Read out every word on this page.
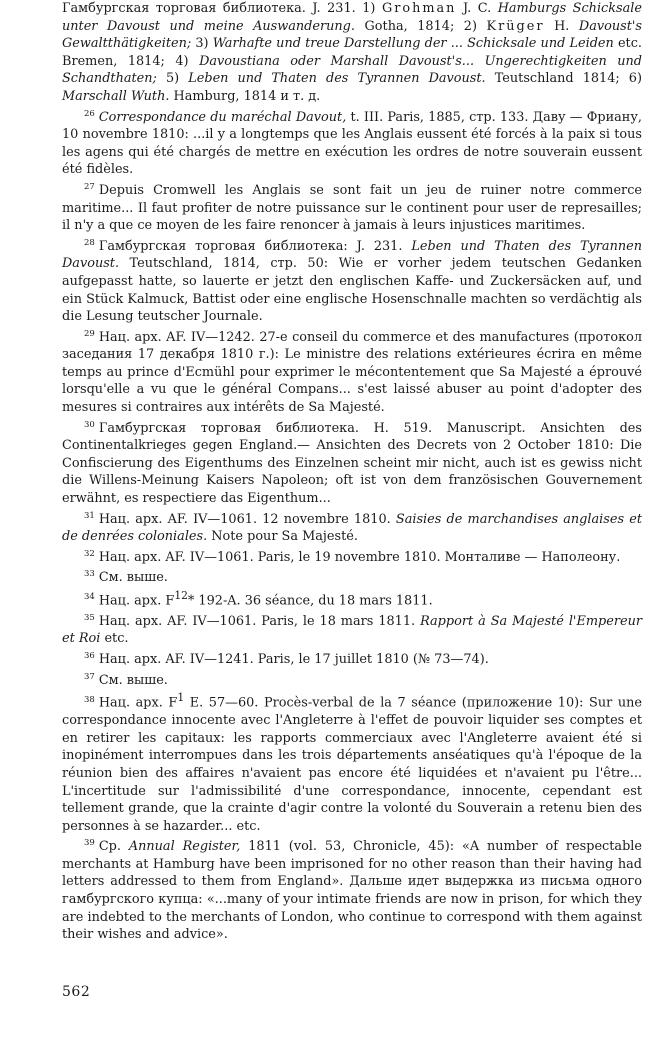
Гамбургская торговая библиотека. J. 231. 1) Grohman J. C. Hamburgs Schicksale unter Davoust und meine Auswanderung. Gotha, 1814; 2) Krüger H. Davoust's Gewaltthätigkeiten; 3) Warhafte und treue Darstellung der ... Schicksale und Leiden etc. Bremen, 1814; 4) Davoustiana oder Marshall Davoust's... Ungerechtigkeiten und Schandthaten; 5) Leben und Thaten des Tyrannen Davoust. Teutschland 1814; 6) Marschall Wuth. Hamburg, 1814 и т. д.

$^{26}$ Correspondance du maréchal Davout, t. III. Paris, 1885, стр. 133. Даву — Фриану, 10 novembre 1810: ...il y a longtemps que les Anglais eussent été forcés à la paix si tous les agens qui été chargés de mettre en exécution les ordres de notre souverain eussent été fidèles.

$^{27}$ Depuis Cromwell les Anglais se sont fait un jeu de ruiner notre commerce maritime... Il faut profiter de notre puissance sur le continent pour user de represailles; il n'y a que ce moyen de les faire renoncer à jamais à leurs injustices maritimes.

$^{28}$ Гамбургская торговая библиотека: J. 231. Leben und Thaten des Tyrannen Davoust. Teutschland, 1814, стр. 50: Wie er vorher jedem teutschen Gedanken aufgepasst hatte, so lauerte er jetzt den englischen Kaffe- und Zuckersäcken auf, und ein Stück Kalmuck, Battist oder eine englische Hosenschnalle machten so verdächtig als die Lesung teutscher Journale.

$^{29}$ Нац. арх. AF. IV—1242. 27-e conseil du commerce et des manufactures (протокол заседания 17 декабря 1810 г.): Le ministre des relations extérieures écrira en même temps au prince d'Ecmühl pour exprimer le mécontentement que Sa Majesté a éprouvé lorsqu'elle a vu que le général Compans... s'est laissé abuser au point d'adopter des mesures si contraires aux intérêts de Sa Majesté.

$^{30}$ Гамбургская торговая библиотека. H. 519. Manuscript. Ansichten des Continentalkrieges gegen England.— Ansichten des Decrets von 2 October 1810: Die Confiscierung des Eigenthums des Einzelnen scheint mir nicht, auch ist es gewiss nicht die Willens-Meinung Kaisers Napoleon; oft ist von dem französischen Gouvernement erwähnt, es respectiere das Eigenthum...

$^{31}$ Нац. арх. AF. IV—1061. 12 novembre 1810. Saisies de marchandises anglaises et de denrées coloniales. Note pour Sa Majesté.

$^{32}$ Нац. арх. AF. IV—1061. Paris, le 19 novembre 1810. Монталиве — Наполеону.

$^{33}$ См. выше.

$^{34}$ Нац. арх. $F^{12}*$ 192-A. 36 séance, du 18 mars 1811.

$^{35}$ Нац. арх. AF. IV—1061. Paris, le 18 mars 1811. Rapport à Sa Majesté l'Empereur et Roi etc.

$^{36}$ Нац. арх. AF. IV—1241. Paris, le 17 juillet 1810 (№ 73—74).

$^{37}$ См. выше.

$^{38}$ Нац. арх. $F^1$ E. 57—60. Procès-verbal de la 7 séance (приложение 10): Sur une correspondance innocente avec l'Angleterre à l'effet de pouvoir liquider ses comptes et en retirer les capitaux: les rapports commerciaux avec l'Angleterre avaient été si inopinément interrompues dans les trois départements anséatiques qu'à l'époque de la réunion bien des affaires n'avaient pas encore été liquidées et n'avaient pu l'être... L'incertitude sur l'admissibilité d'une correspondance, innocente, cependant est tellement grande, que la crainte d'agir contre la volonté du Souverain a retenu bien des personnes à se hazarder... etc.

$^{39}$ Ср. Annual Register, 1811 (vol. 53, Chronicle, 45): «A number of respectable merchants at Hamburg have been imprisoned for no other reason than their having had letters addressed to them from England». Дальше идет выдержка из письма одного гамбургского купца: «...many of your intimate friends are now in prison, for which they are indebted to the merchants of London, who continue to correspond with them against their wishes and advice».

562
